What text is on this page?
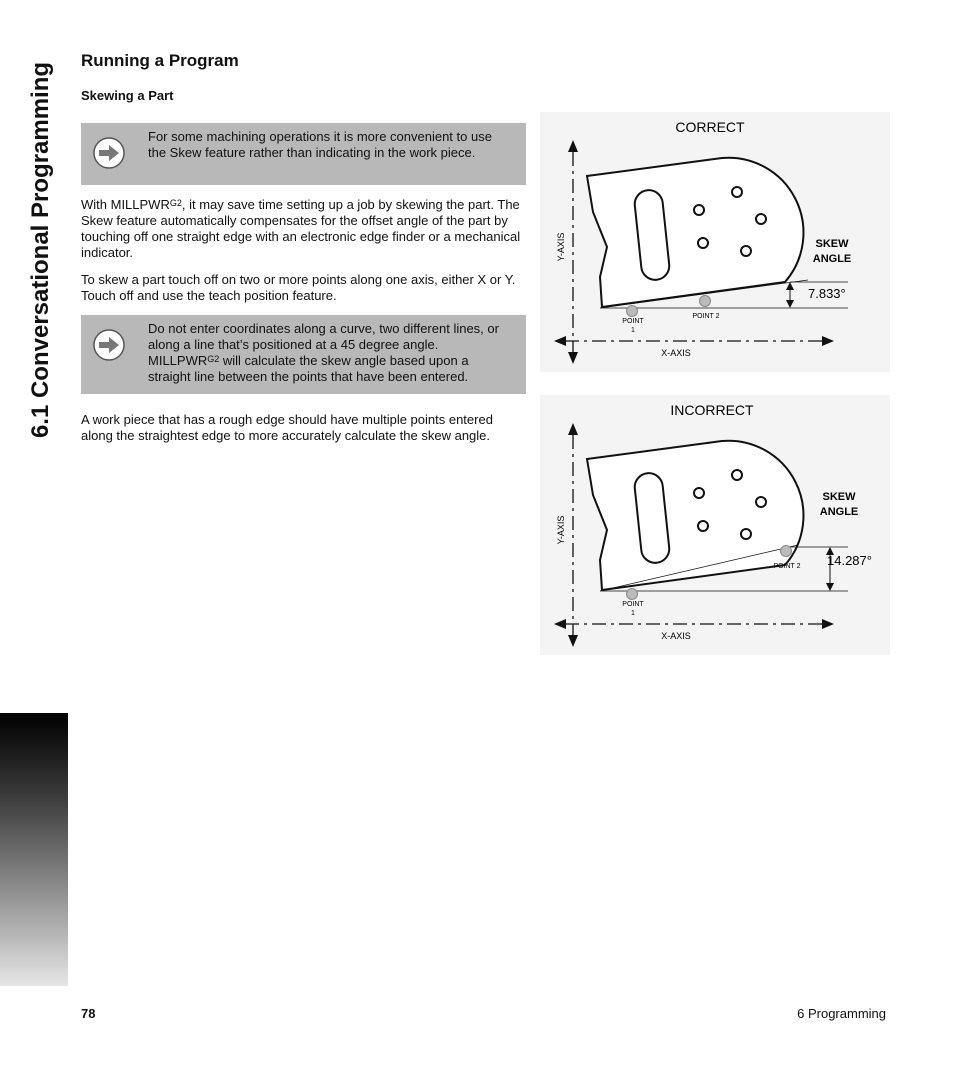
6.1 Conversational Programming
Running a Program
Skewing a Part
For some machining operations it is more convenient to use the Skew feature rather than indicating in the work piece.
With $MILLPWR^{G2}$, it may save time setting up a job by skewing the part. The Skew feature automatically compensates for the offset angle of the part by touching off one straight edge with an electronic edge finder or a mechanical indicator.
To skew a part touch off on two or more points along one axis, either X or Y. Touch off and use the teach position feature.
Do not enter coordinates along a curve, two different lines, or along a line that’s positioned at a 45 degree angle. $MILLPWR^{G2}$ will calculate the skew angle based upon a straight line between the points that have been entered.
A work piece that has a rough edge should have multiple points entered along the straightest edge to more accurately calculate the skew angle.
CORRECT
Y-AXIS
X-AXIS
7.833°
SKEW
ANGLE
POINT
1
POINT 2
INCORRECT
Y-AXIS
X-AXIS
14.287°
SKEW
ANGLE
POINT
1
POINT 2
78	6 Programming
